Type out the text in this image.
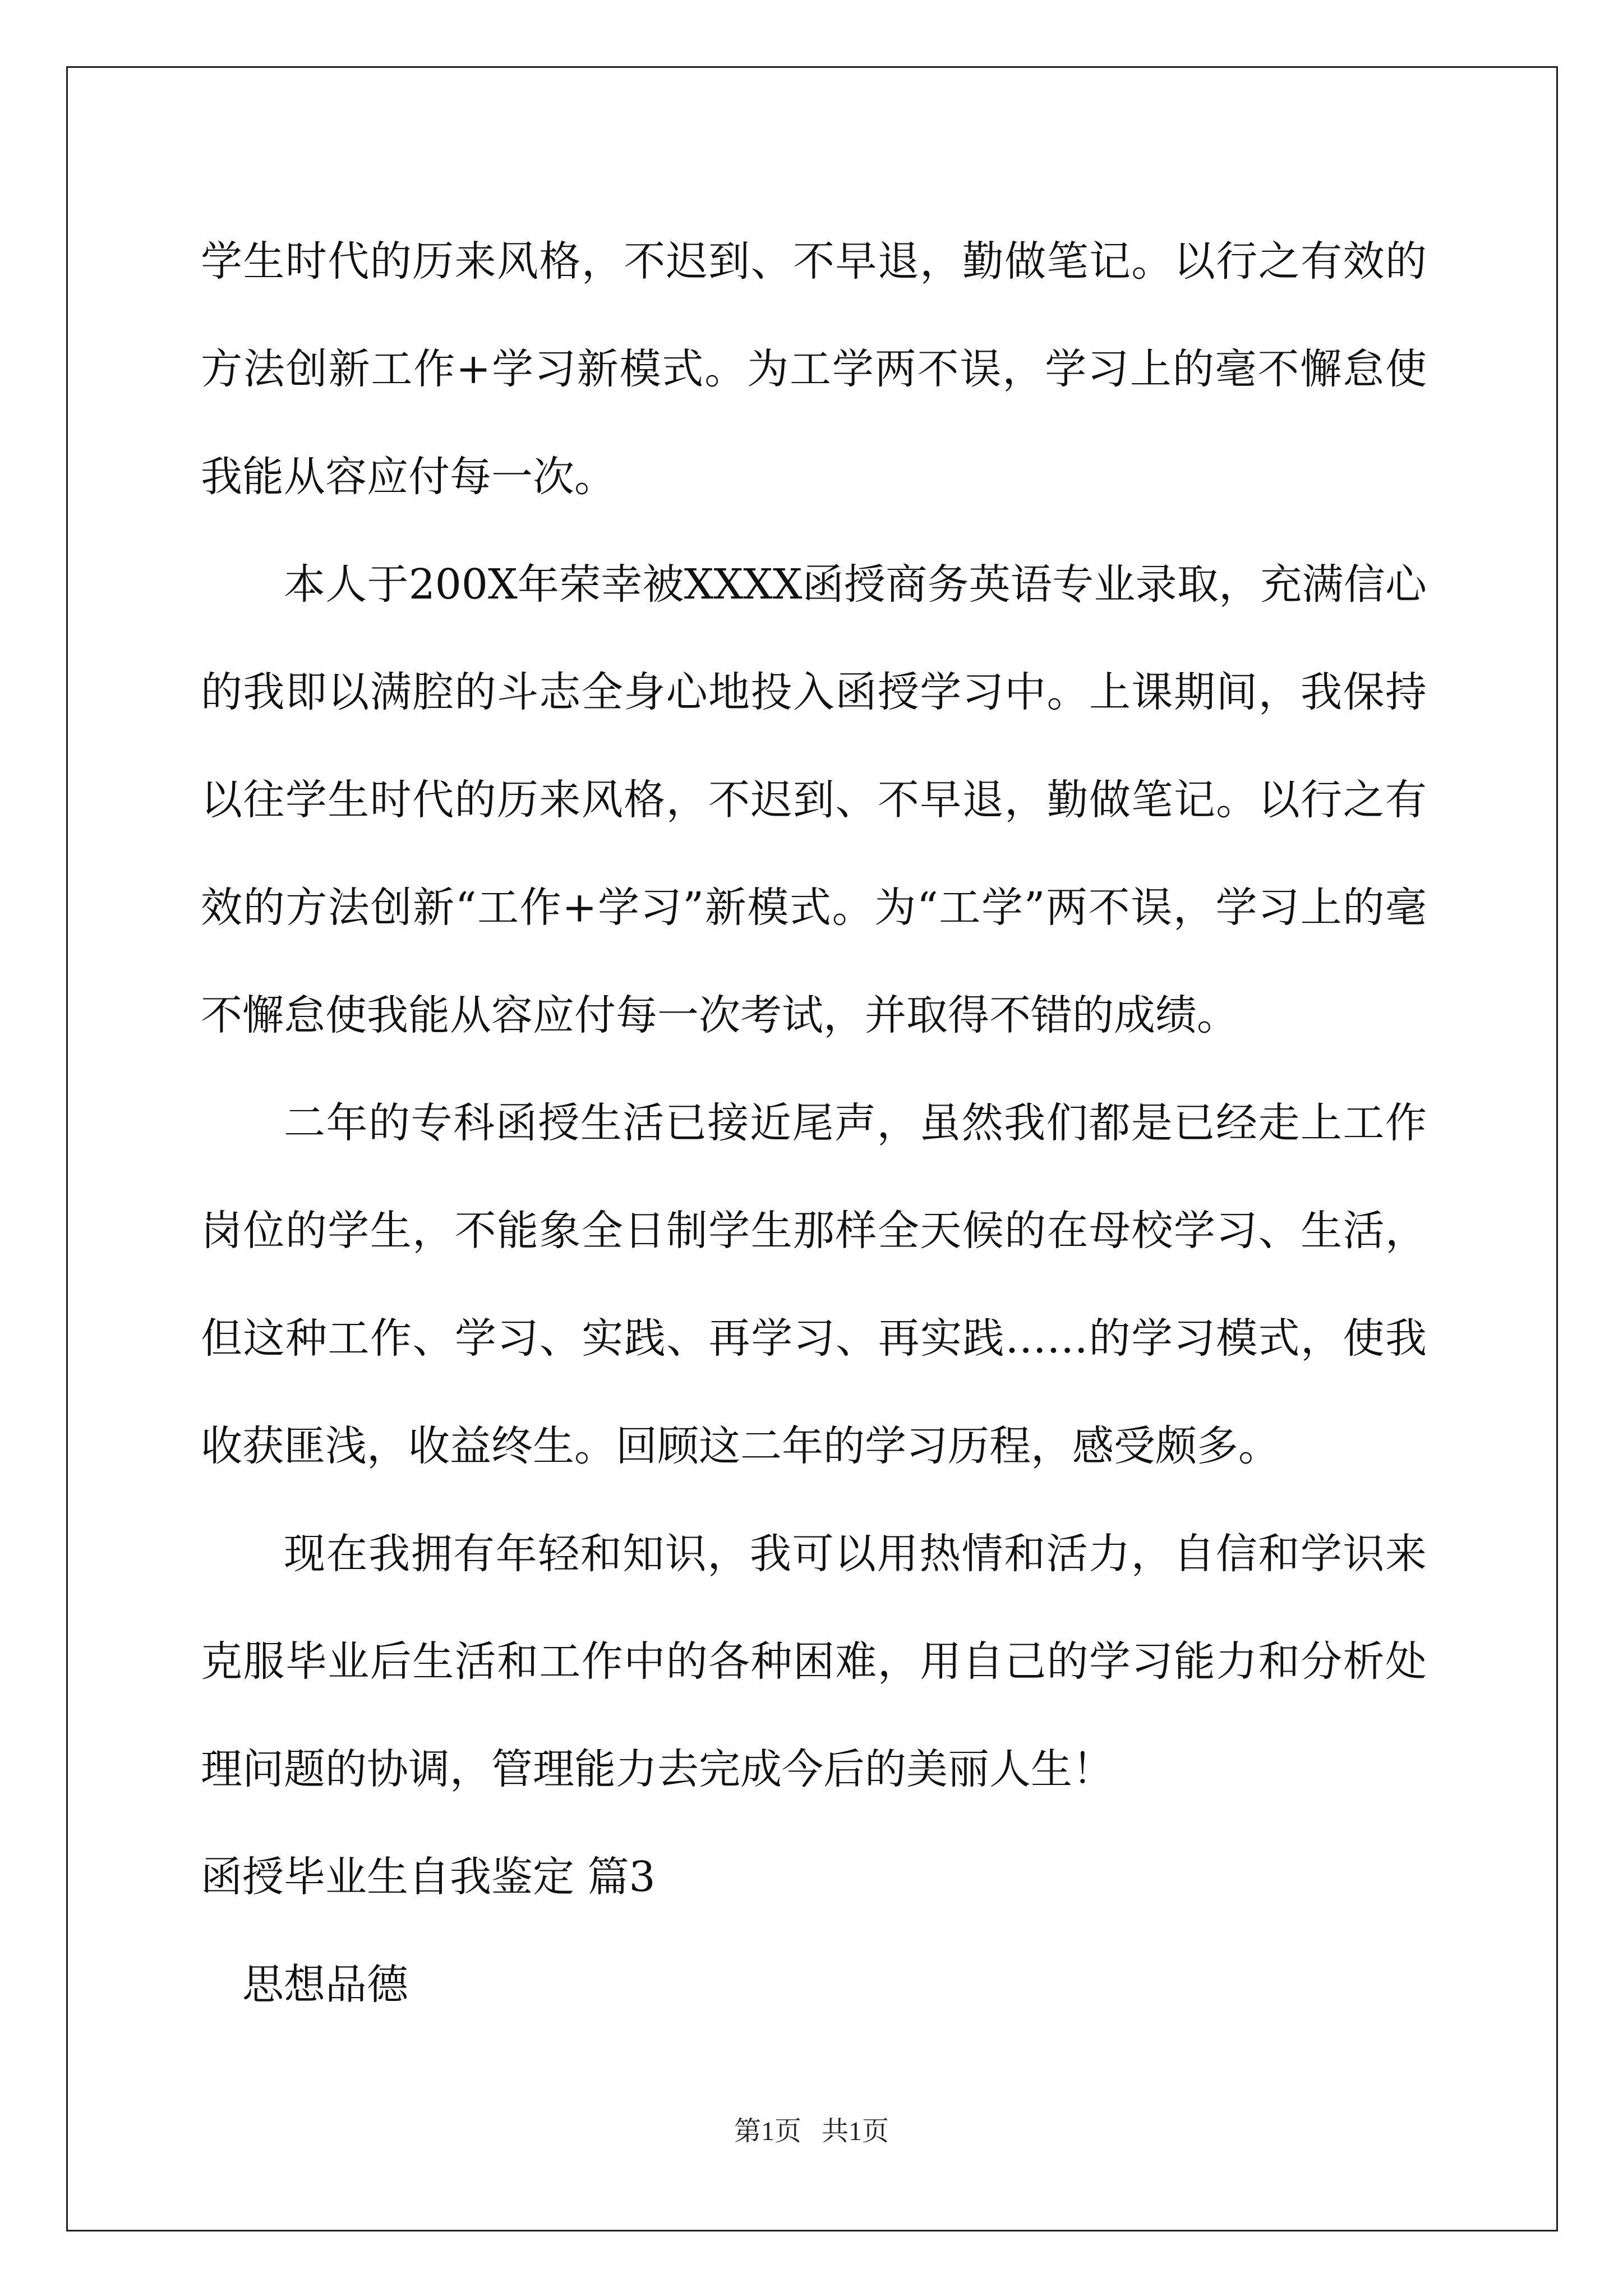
学生时代的历来风格，不迟到、不早退，勤做笔记。以行之有效的方法创新工作+学习新模式。为工学两不误，学习上的毫不懈怠使我能从容应付每一次。

本人于200X年荣幸被XXXX函授商务英语专业录取，充满信心的我即以满腔的斗志全身心地投入函授学习中。上课期间，我保持以往学生时代的历来风格，不迟到、不早退，勤做笔记。以行之有效的方法创新“工作+学习”新模式。为“工学”两不误，学习上的毫不懈怠使我能从容应付每一次考试，并取得不错的成绩。

二年的专科函授生活已接近尾声，虽然我们都是已经走上工作岗位的学生，不能象全日制学生那样全天候的在母校学习、生活，但这种工作、学习、实践、再学习、再实践……的学习模式，使我收获匪浅，收益终生。回顾这二年的学习历程，感受颇多。

现在我拥有年轻和知识，我可以用热情和活力，自信和学识来克服毕业后生活和工作中的各种困难，用自己的学习能力和分析处理问题的协调，管理能力去完成今后的美丽人生！

函授毕业生自我鉴定 篇3

思想品德

第1页 共1页
